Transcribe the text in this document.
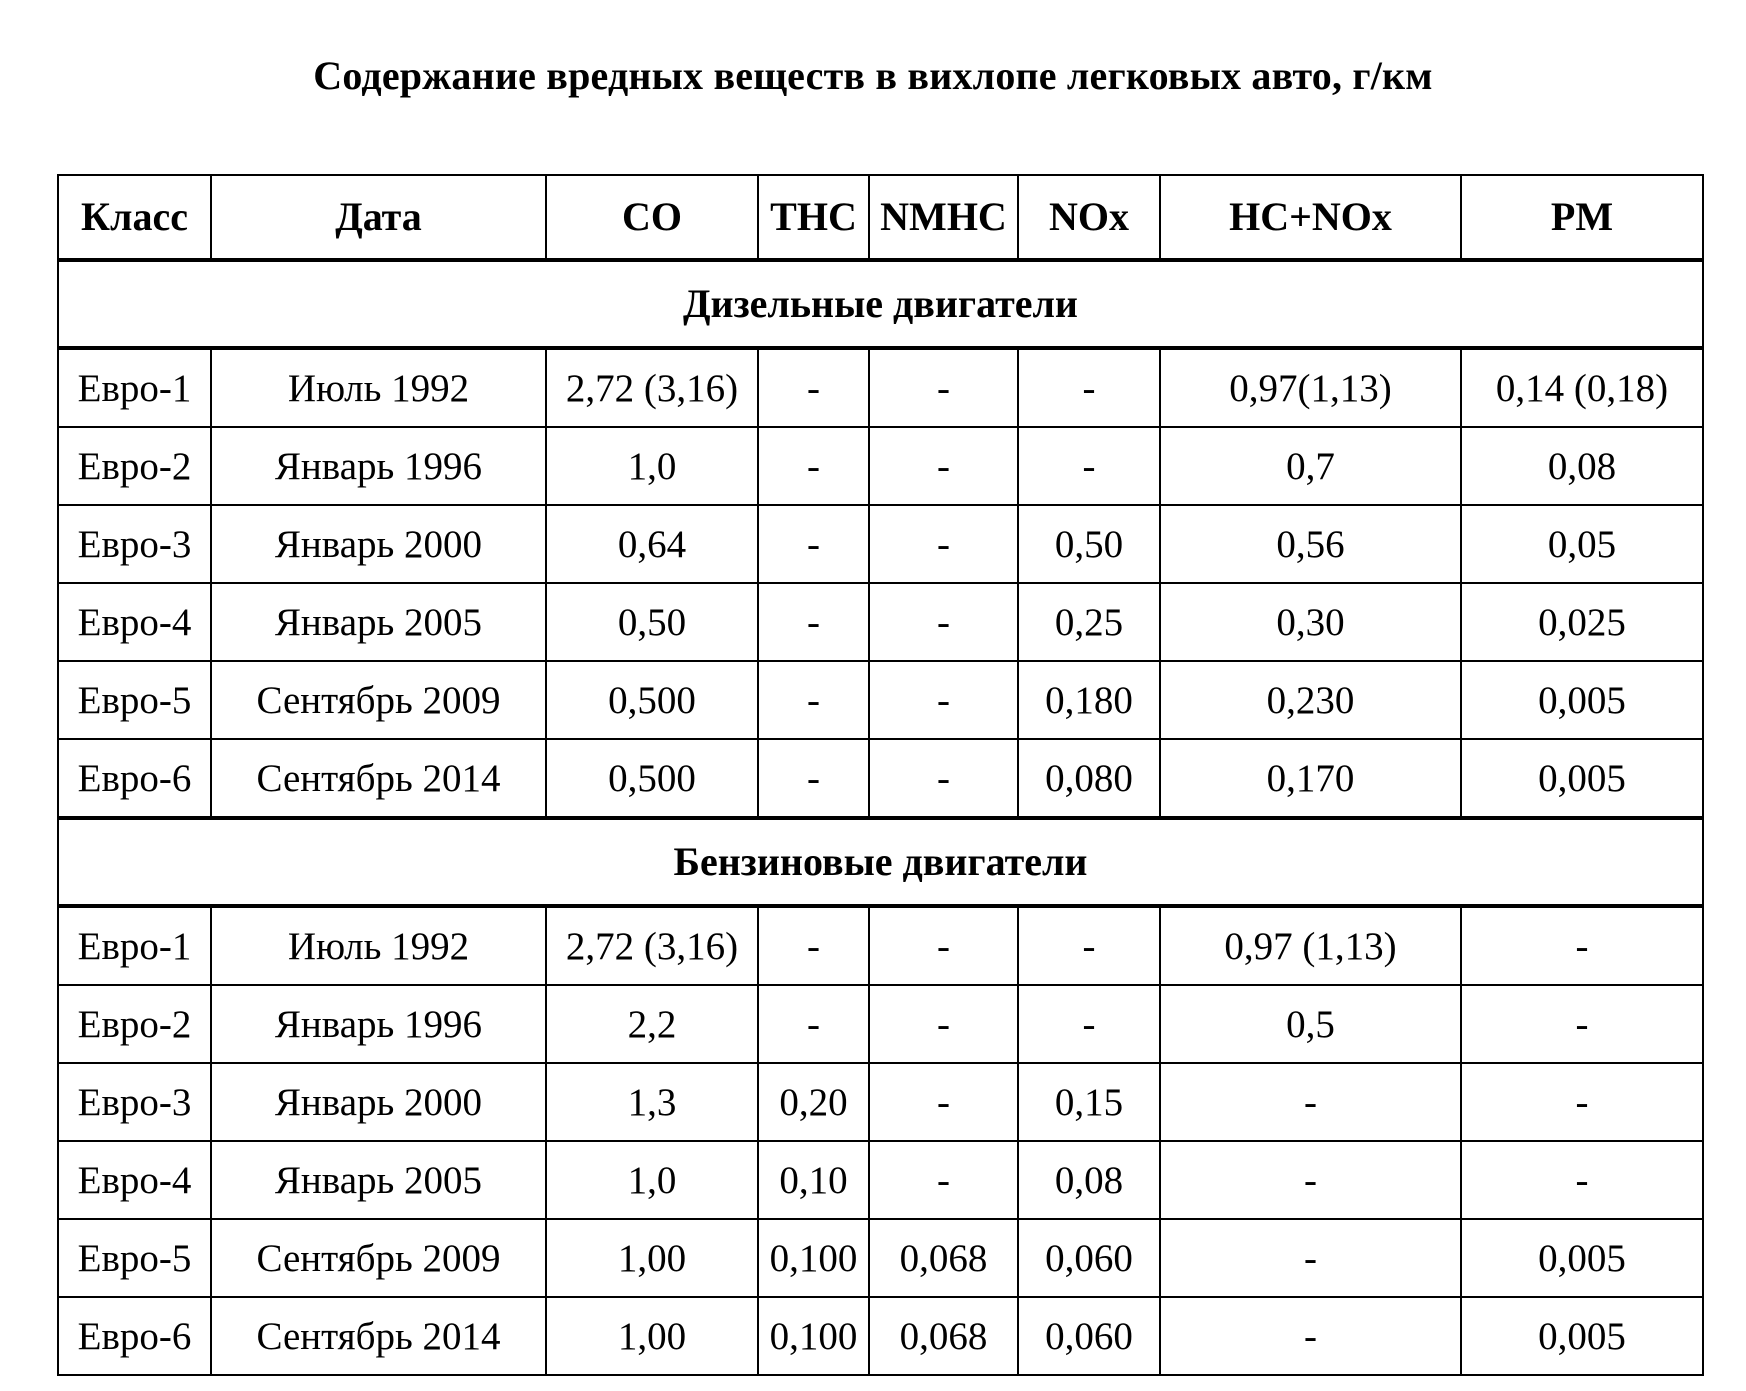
Содержание вредных веществ в вихлопе легковых авто, г/км
Класс	Дата	CO	THC	NMHC	NOx	HC+NOx	PM
Дизельные двигатели							
Евро-1	Июль 1992	2,72 (3,16)	-	-	-	0,97(1,13)	0,14 (0,18)
Евро-2	Январь 1996	1,0	-	-	-	0,7	0,08
Евро-3	Январь 2000	0,64	-	-	0,50	0,56	0,05
Евро-4	Январь 2005	0,50	-	-	0,25	0,30	0,025
Евро-5	Сентябрь 2009	0,500	-	-	0,180	0,230	0,005
Евро-6	Сентябрь 2014	0,500	-	-	0,080	0,170	0,005
Бензиновые двигатели							
Евро-1	Июль 1992	2,72 (3,16)	-	-	-	0,97 (1,13)	-
Евро-2	Январь 1996	2,2	-	-	-	0,5	-
Евро-3	Январь 2000	1,3	0,20	-	0,15	-	-
Евро-4	Январь 2005	1,0	0,10	-	0,08	-	-
Евро-5	Сентябрь 2009	1,00	0,100	0,068	0,060	-	0,005
Евро-6	Сентябрь 2014	1,00	0,100	0,068	0,060	-	0,005
